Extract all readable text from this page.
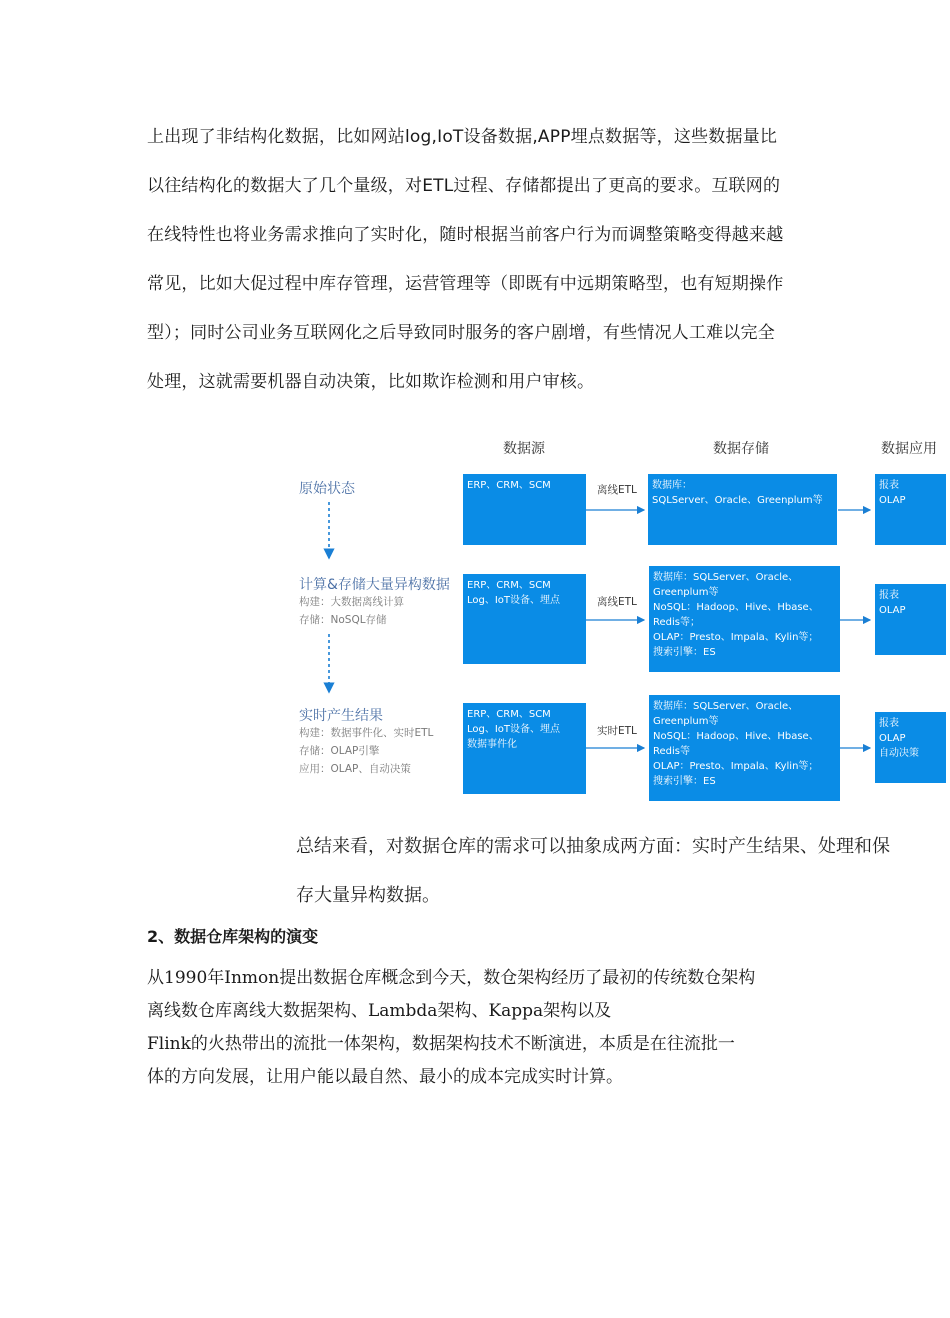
上出现了非结构化数据，比如网站log,IoT设备数据,APP埋点数据等，这些数据量比
以往结构化的数据大了几个量级，对ETL过程、存储都提出了更高的要求。互联网的
在线特性也将业务需求推向了实时化，随时根据当前客户行为而调整策略变得越来越
常见，比如大促过程中库存管理，运营管理等（即既有中远期策略型，也有短期操作
型）；同时公司业务互联网化之后导致同时服务的客户剧增，有些情况人工难以完全
处理，这就需要机器自动决策，比如欺诈检测和用户审核。
数据源	数据存储	数据应用
原始状态	ERP、CRM、SCM	离线ETL 数据库：
SQLServer、Oracle、Greenplum等
报表
OLAP
计算&存储大量异构数据
构建：大数据离线计算
存储：NoSQL存储
ERP、CRM、SCM
Log、IoT设备、埋点	离线ETL
数据库：SQLServer、Oracle、
Greenplum等
NoSQL：Hadoop、Hive、Hbase、
Redis等；
OLAP：Presto、Impala、Kylin等；
搜索引擎：ES
报表
OLAP
实时产生结果
构建：数据事件化、实时ETL
存储：OLAP引擎
应用：OLAP、自动决策
ERP、CRM、SCM
Log、IoT设备、埋点
数据事件化
实时ETL
数据库：SQLServer、Oracle、
Greenplum等
NoSQL：Hadoop、Hive、Hbase、
Redis等
OLAP：Presto、Impala、Kylin等；
搜索引擎：ES
报表
OLAP
自动决策
总结来看，对数据仓库的需求可以抽象成两方面：实时产生结果、处理和保
存大量异构数据。
2、数据仓库架构的演变
从1990年Inmon提出数据仓库概念到今天，数仓架构经历了最初的传统数仓架构
离线数仓库离线大数据架构、Lambda架构、Kappa架构以及
Flink的火热带出的流批一体架构，数据架构技术不断演进，本质是在往流批一
体的方向发展，让用户能以最自然、最小的成本完成实时计算。
